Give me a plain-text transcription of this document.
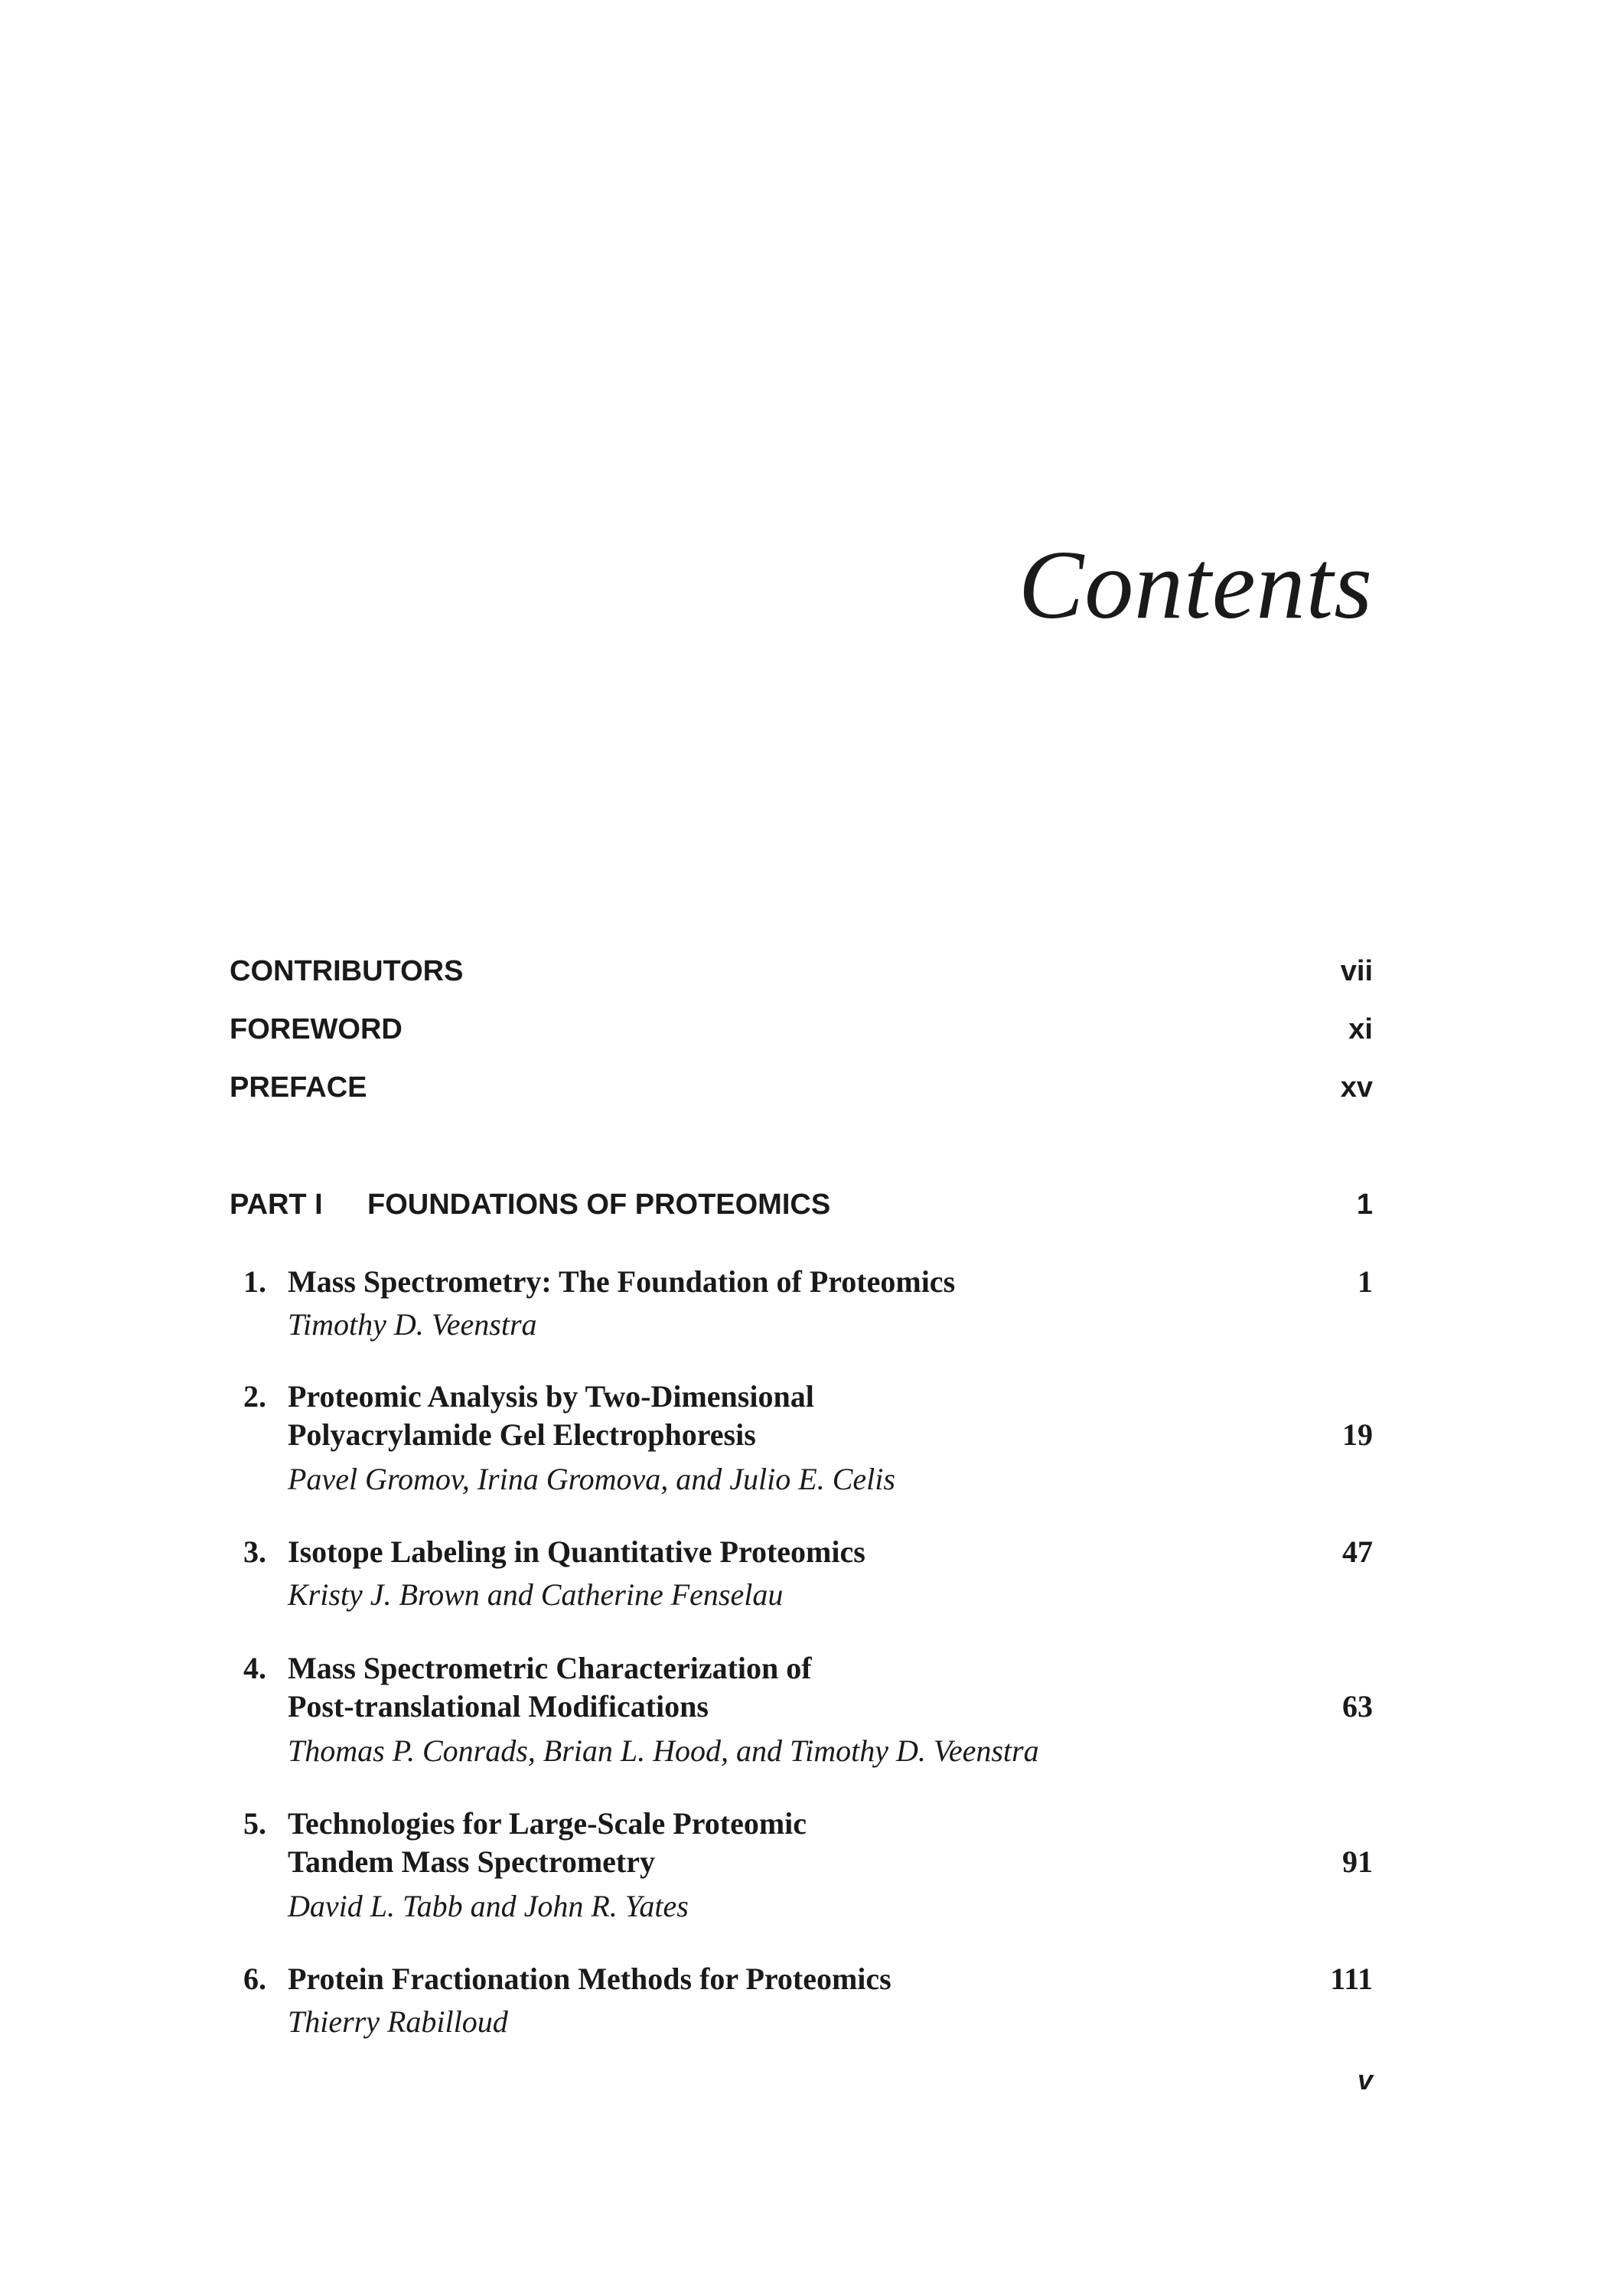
Contents
CONTRIBUTORS	vii
FOREWORD	xi
PREFACE	xv
PART I FOUNDATIONS OF PROTEOMICS	1
1. Mass Spectrometry: The Foundation of Proteomics	1
Timothy D. Veenstra
2. Proteomic Analysis by Two-Dimensional
Polyacrylamide Gel Electrophoresis	19
Pavel Gromov, Irina Gromova, and Julio E. Celis
3. Isotope Labeling in Quantitative Proteomics	47
Kristy J. Brown and Catherine Fenselau
4. Mass Spectrometric Characterization of
Post-translational Modifications	63
Thomas P. Conrads, Brian L. Hood, and Timothy D. Veenstra
5. Technologies for Large-Scale Proteomic
Tandem Mass Spectrometry	91
David L. Tabb and John R. Yates
6. Protein Fractionation Methods for Proteomics	111
Thierry Rabilloud
v
